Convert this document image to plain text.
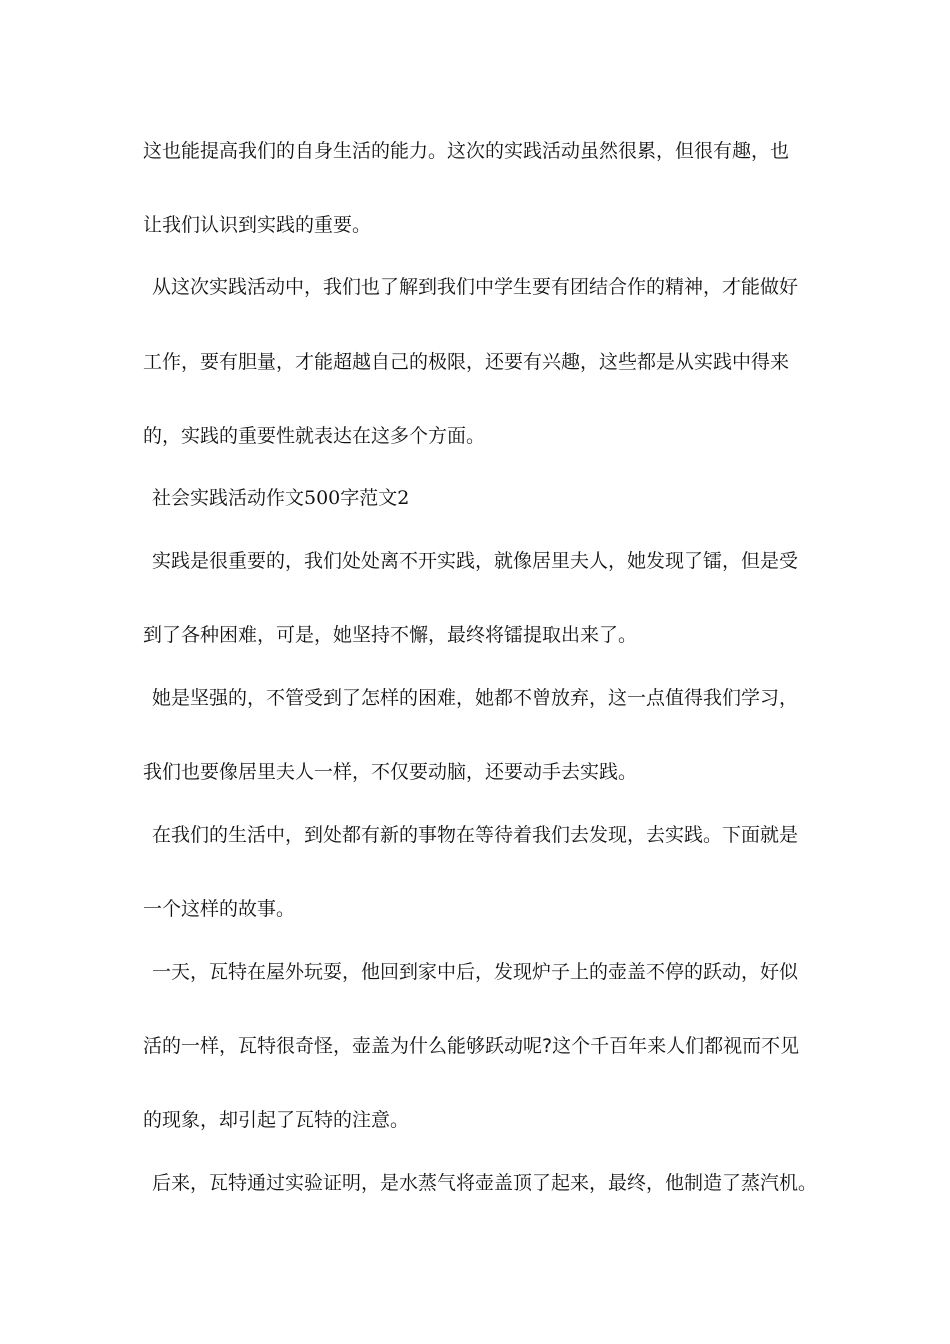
这也能提高我们的自身生活的能力。这次的实践活动虽然很累，但很有趣，也
让我们认识到实践的重要。
从这次实践活动中，我们也了解到我们中学生要有团结合作的精神，才能做好
工作，要有胆量，才能超越自己的极限，还要有兴趣，这些都是从实践中得来
的，实践的重要性就表达在这多个方面。
社会实践活动作文500字范文2
实践是很重要的，我们处处离不开实践，就像居里夫人，她发现了镭，但是受
到了各种困难，可是，她坚持不懈，最终将镭提取出来了。
她是坚强的，不管受到了怎样的困难，她都不曾放弃，这一点值得我们学习，
我们也要像居里夫人一样，不仅要动脑，还要动手去实践。
在我们的生活中，到处都有新的事物在等待着我们去发现，去实践。下面就是
一个这样的故事。
一天，瓦特在屋外玩耍，他回到家中后，发现炉子上的壶盖不停的跃动，好似
活的一样，瓦特很奇怪，壶盖为什么能够跃动呢?这个千百年来人们都视而不见
的现象，却引起了瓦特的注意。
后来，瓦特通过实验证明，是水蒸气将壶盖顶了起来，最终，他制造了蒸汽机。
